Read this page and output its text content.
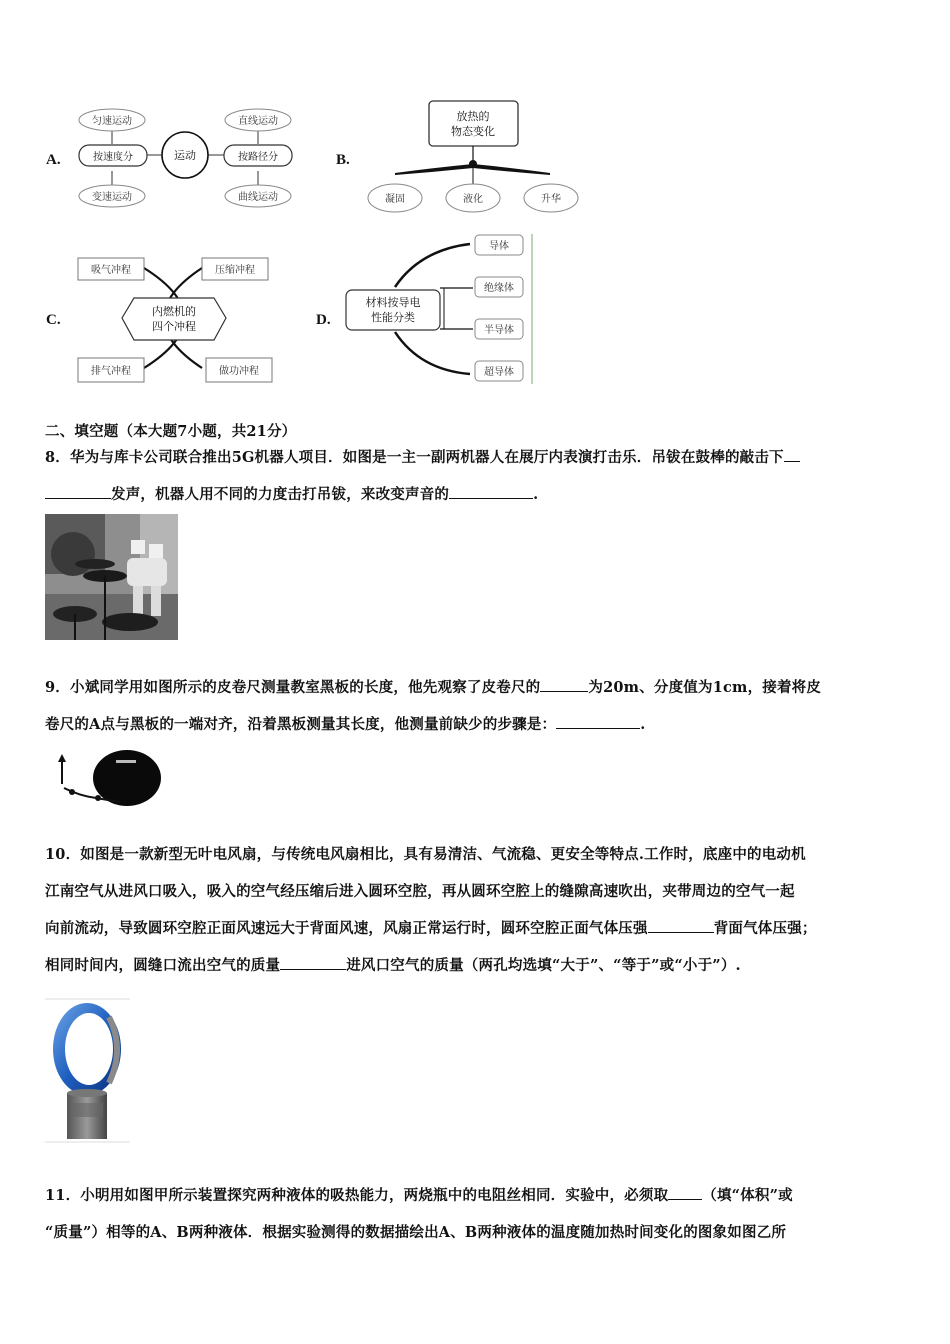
A.
匀速运动
按速度分
变速运动
运动
直线运动
按路径分
曲线运动
B.
放热的
物态变化
凝固	液化	升华
C.
吸气冲程	压缩冲程
内燃机的
四个冲程
排气冲程	做功冲程
D.
材料按导电
性能分类
导体
绝缘体
半导体
超导体
二、填空题（本大题7小题，共21分）
8．华为与库卡公司联合推出5G机器人项目．如图是一主一副两机器人在展厅内表演打击乐．吊钹在鼓棒的敲击下
发声，机器人用不同的力度击打吊钹，来改变声音的	.
9．小斌同学用如图所示的皮卷尺测量教室黑板的长度，他先观察了皮卷尺的	为20m、分度值为1cm，接着将皮
卷尺的A点与黑板的一端对齐，沿着黑板测量其长度，他测量前缺少的步骤是：	.
10．如图是一款新型无叶电风扇，与传统电风扇相比，具有易清洁、气流稳、更安全等特点.工作时，底座中的电动机
江南空气从进风口吸入，吸入的空气经压缩后进入圆环空腔，再从圆环空腔上的缝隙高速吹出，夹带周边的空气一起
向前流动，导致圆环空腔正面风速远大于背面风速，风扇正常运行时，圆环空腔正面气体压强	背面气体压强；
相同时间内，圆缝口流出空气的质量	进风口空气的质量（两孔均选填“大于”、“等于”或“小于”）.
11．小明用如图甲所示装置探究两种液体的吸热能力，两烧瓶中的电阻丝相同．实验中，必须取 （填“体积”或
“质量”）相等的A、B两种液体．根据实验测得的数据描绘出A、B两种液体的温度随加热时间变化的图象如图乙所
